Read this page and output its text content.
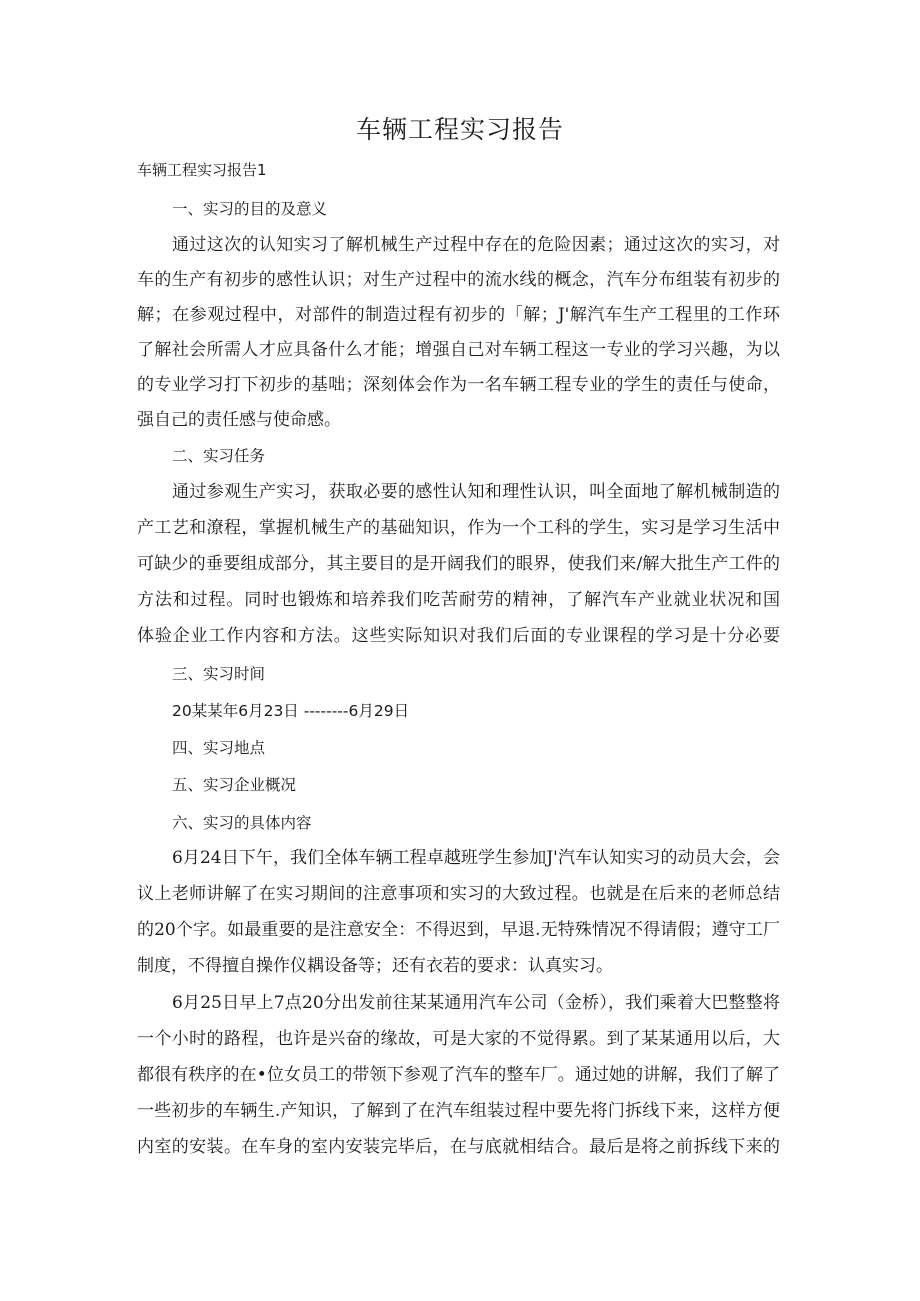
车辆工程实习报告

车辆工程实习报告1

一、实习的目的及意义

通过这次的认知实习了解机械生产过程中存在的危险因素；通过这次的实习，对

车的生产有初步的感性认识；对生产过程中的流水线的概念，汽车分布组装有初步的

解；在参观过程中，对部件的制造过程有初步的「解；J'解汽车生产工程里的工作环

了解社会所需人才应具备什么才能；增强自己对车辆工程这一专业的学习兴趣，为以

的专业学习打下初步的基咄；深刻体会作为一名车辆工程专业的学生的责任与使命，

强自己的责任感与使命感。

二、实习任务

通过参观生产实习，获取必要的感性认知和理性认识，叫全面地了解机械制造的

产工艺和潦程，掌握机械生产的基础知识，作为一个工科的学生，实习是学习生活中

可缺少的垂要组成部分，其主要目的是开阔我们的眼界，使我们来/解大批生产工件的

方法和过程。同时也锻炼和培养我们吃苦耐劳的精神，了解汽车产业就业状况和国

体验企业工作内容和方法。这些实际知识对我们后面的专业课程的学习是十分必要

三、实习时间

20某某年6月23日 --------6月29日

四、实习地点

五、实习企业概况

六、实习的具体内容

6月24日下午，我们全体车辆工程卓越班学生参加J'汽车认知实习的动员大会，会

议上老师讲解了在实习期间的注意事项和实习的大致过程。也就是在后来的老师总结

的20个字。如最重要的是注意安全：不得迟到，早退.无特殊情况不得请假；遵守工厂

制度，不得擅自操作仪耦设备等；还有衣若的要求：认真实习。

6月25日早上7点20分出发前往某某通用汽车公司（金桥），我们乘着大巴整整将

一个小时的路程，也许是兴奋的缘故，可是大家的不觉得累。到了某某通用以后，大

都很有秩序的在•位女员工的带领下参观了汽车的整车厂。通过她的讲解，我们了解了

一些初步的车辆生.产知识，了解到了在汽车组装过程中要先将门拆线下来，这样方便

内室的安装。在车身的室内安装完毕后，在与底就相结合。最后是将之前拆线下来的
